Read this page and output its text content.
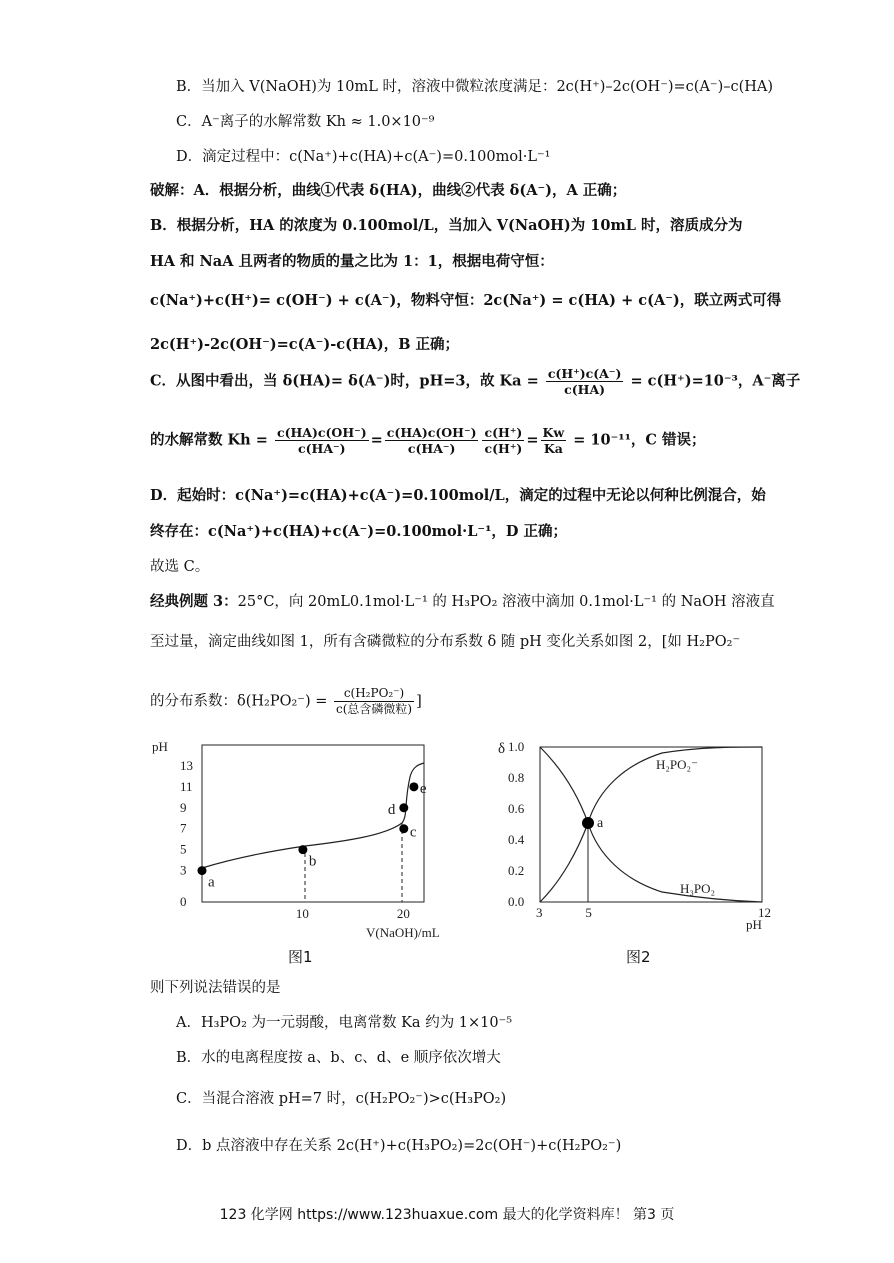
B．当加入 V(NaOH)为 10mL 时，溶液中微粒浓度满足：2c(H⁺)–2c(OH⁻)=c(A⁻)–c(HA)
C．A⁻离子的水解常数 Kh ≈ 1.0×10⁻⁹
D．滴定过程中：c(Na⁺)+c(HA)+c(A⁻)=0.100mol·L⁻¹
破解：A．根据分析，曲线①代表 δ(HA)，曲线②代表 δ(A⁻)，A 正确；
B．根据分析，HA 的浓度为 0.100mol/L，当加入 V(NaOH)为 10mL 时，溶质成分为
HA 和 NaA 且两者的物质的量之比为 1：1，根据电荷守恒：
c(Na⁺)+c(H⁺)= c(OH⁻) + c(A⁻)，物料守恒：2c(Na⁺) = c(HA) + c(A⁻)，联立两式可得
2c(H⁺)-2c(OH⁻)=c(A⁻)-c(HA)，B 正确；
C．从图中看出，当 δ(HA)= δ(A⁻)时，pH=3，故 $Ka = \frac{c(H^+)c(A^-)}{c(HA)} = c(H^+)=10^{-3}$，A⁻离子
的水解常数 $Kh = \frac{c(HA)c(OH^-)}{c(HA^-)} = \frac{c(HA)c(OH^-)}{c(HA^-)} \frac{c(H^+)}{c(H^+)} = \frac{Kw}{Ka} = 10^{-11}$，C 错误；
D．起始时：c(Na⁺)=c(HA)+c(A⁻)=0.100mol/L，滴定的过程中无论以何种比例混合，始
终存在：c(Na⁺)+c(HA)+c(A⁻)=0.100mol·L⁻¹，D 正确；
故选 C。
经典例题 3：25°C，向 20mL0.1mol·L⁻¹ 的 H₃PO₂ 溶液中滴加 0.1mol·L⁻¹ 的 NaOH 溶液直
至过量，滴定曲线如图 1，所有含磷微粒的分布系数 δ 随 pH 变化关系如图 2，[如 H₂PO₂⁻
的分布系数：$\delta(H_2PO_2^-) = \frac{\text{c(H₂PO₂⁻)}}{\text{c(总含磷微粒)}}$ ]
pH
13
11
9
7
5
3
0
10	20
a
b
c
d
e
V(NaOH)/mL
图1
δ 1.0
0.8
0.6
0.4
0.2
0.0
3	5	12
a
H₂PO₂⁻
H₃PO₂
pH
图2
则下列说法错误的是
A．H₃PO₂ 为一元弱酸，电离常数 Ka 约为 1×10⁻⁵
B．水的电离程度按 a、b、c、d、e 顺序依次增大
C．当混合溶液 pH=7 时，c(H₂PO₂⁻)>c(H₃PO₂)
D．b 点溶液中存在关系 2c(H⁺)+c(H₃PO₂)=2c(OH⁻)+c(H₂PO₂⁻)
123 化学网 https://www.123huaxue.com 最大的化学资料库！ 第3 页
